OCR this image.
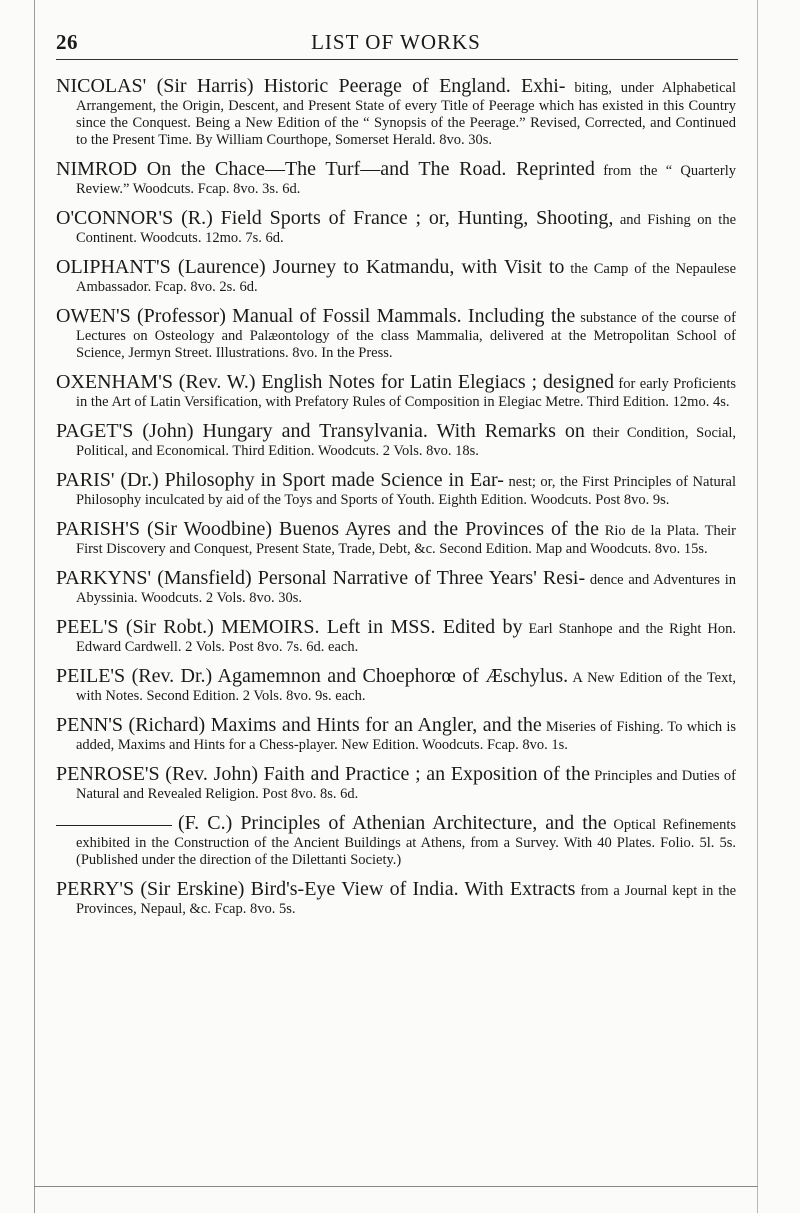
26	LIST OF WORKS

NICOLAS' (Sir Harris) Historic Peerage of England. Exhi- biting, under Alphabetical Arrangement, the Origin, Descent, and Present State of every Title of Peerage which has existed in this Country since the Conquest. Being a New Edition of the “ Synopsis of the Peerage.” Revised, Corrected, and Continued to the Present Time. By William Courthope, Somerset Herald. 8vo. 30s.

NIMROD On the Chace—The Turf—and The Road. Reprinted from the “ Quarterly Review.” Woodcuts. Fcap. 8vo. 3s. 6d.

O'CONNOR'S (R.) Field Sports of France ; or, Hunting, Shooting, and Fishing on the Continent. Woodcuts. 12mo. 7s. 6d.

OLIPHANT'S (Laurence) Journey to Katmandu, with Visit to the Camp of the Nepaulese Ambassador. Fcap. 8vo. 2s. 6d.

OWEN'S (Professor) Manual of Fossil Mammals. Including the substance of the course of Lectures on Osteology and Palæontology of the class Mammalia, delivered at the Metropolitan School of Science, Jermyn Street. Illustrations. 8vo. In the Press.

OXENHAM'S (Rev. W.) English Notes for Latin Elegiacs ; designed for early Proficients in the Art of Latin Versification, with Prefatory Rules of Composition in Elegiac Metre. Third Edition. 12mo. 4s.

PAGET'S (John) Hungary and Transylvania. With Remarks on their Condition, Social, Political, and Economical. Third Edition. Woodcuts. 2 Vols. 8vo. 18s.

PARIS' (Dr.) Philosophy in Sport made Science in Ear- nest; or, the First Principles of Natural Philosophy inculcated by aid of the Toys and Sports of Youth. Eighth Edition. Woodcuts. Post 8vo. 9s.

PARISH'S (Sir Woodbine) Buenos Ayres and the Provinces of the Rio de la Plata. Their First Discovery and Conquest, Present State, Trade, Debt, &c. Second Edition. Map and Woodcuts. 8vo. 15s.

PARKYNS' (Mansfield) Personal Narrative of Three Years' Resi- dence and Adventures in Abyssinia. Woodcuts. 2 Vols. 8vo. 30s.

PEEL'S (Sir Robt.) MEMOIRS. Left in MSS. Edited by Earl Stanhope and the Right Hon. Edward Cardwell. 2 Vols. Post 8vo. 7s. 6d. each.

PEILE'S (Rev. Dr.) Agamemnon and Choephorœ of Æschylus. A New Edition of the Text, with Notes. Second Edition. 2 Vols. 8vo. 9s. each.

PENN'S (Richard) Maxims and Hints for an Angler, and the Miseries of Fishing. To which is added, Maxims and Hints for a Chess-player. New Edition. Woodcuts. Fcap. 8vo. 1s.

PENROSE'S (Rev. John) Faith and Practice ; an Exposition of the Principles and Duties of Natural and Revealed Religion. Post 8vo. 8s. 6d.

(F. C.) Principles of Athenian Architecture, and the Optical Refinements exhibited in the Construction of the Ancient Buildings at Athens, from a Survey. With 40 Plates. Folio. 5l. 5s. (Published under the direction of the Dilettanti Society.)

PERRY'S (Sir Erskine) Bird's-Eye View of India. With Extracts from a Journal kept in the Provinces, Nepaul, &c. Fcap. 8vo. 5s.
